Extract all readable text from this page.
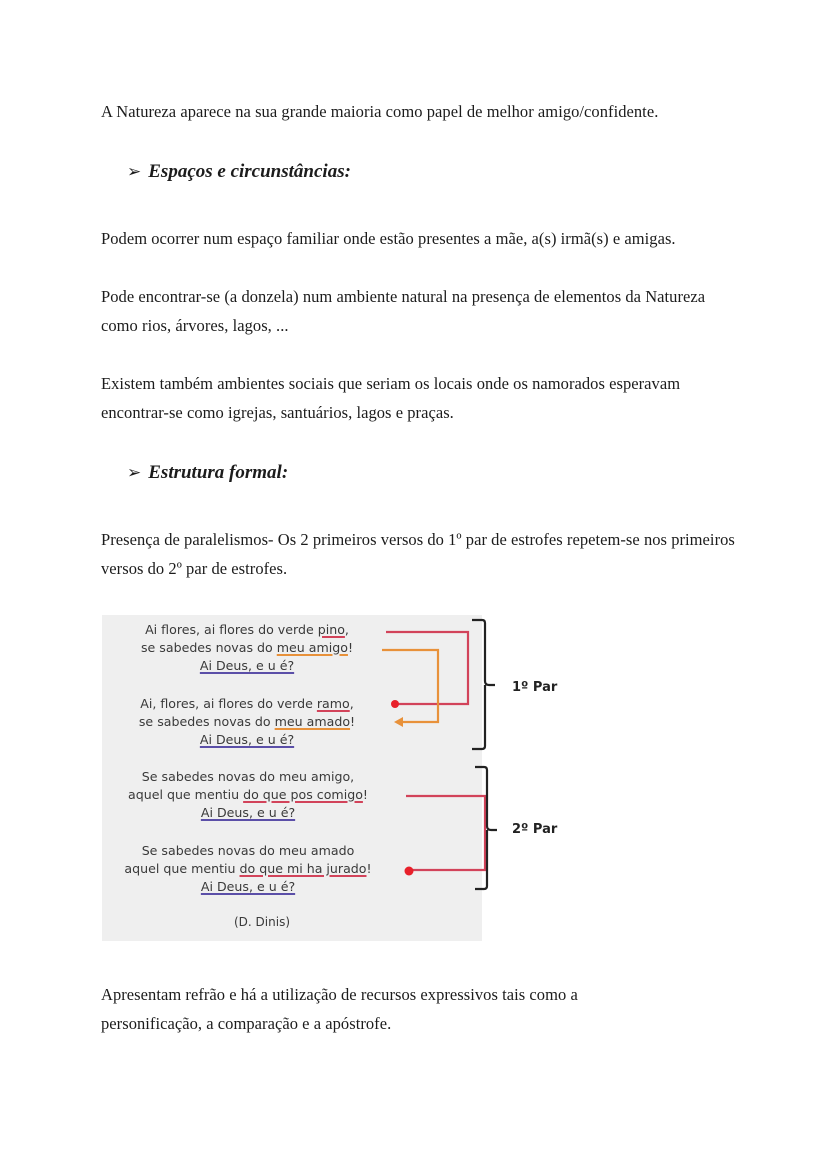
A Natureza aparece na sua grande maioria como papel de melhor amigo/confidente.

➢ Espaços e circunstâncias:

Podem ocorrer num espaço familiar onde estão presentes a mãe, a(s) irmã(s) e amigas.

Pode encontrar-se (a donzela) num ambiente natural na presença de elementos da Natureza como rios, árvores, lagos, ...

Existem também ambientes sociais que seriam os locais onde os namorados esperavam encontrar-se como igrejas, santuários, lagos e praças.

➢ Estrutura formal:

Presença de paralelismos- Os 2 primeiros versos do 1º par de estrofes repetem-se nos primeiros versos do 2º par de estrofes.

Ai flores, ai flores do verde pino,
se sabedes novas do meu amigo!
Ai Deus, e u é?
Ai, flores, ai flores do verde ramo,
se sabedes novas do meu amado!
Ai Deus, e u é?
Se sabedes novas do meu amigo,
aquel que mentiu do que pos comigo!
Ai Deus, e u é?
Se sabedes novas do meu amado
aquel que mentiu do que mi ha jurado!
Ai Deus, e u é?
(D. Dinis)
1º Par
2º Par

Apresentam refrão e há a utilização de recursos expressivos tais como a personificação, a comparação e a apóstrofe.
